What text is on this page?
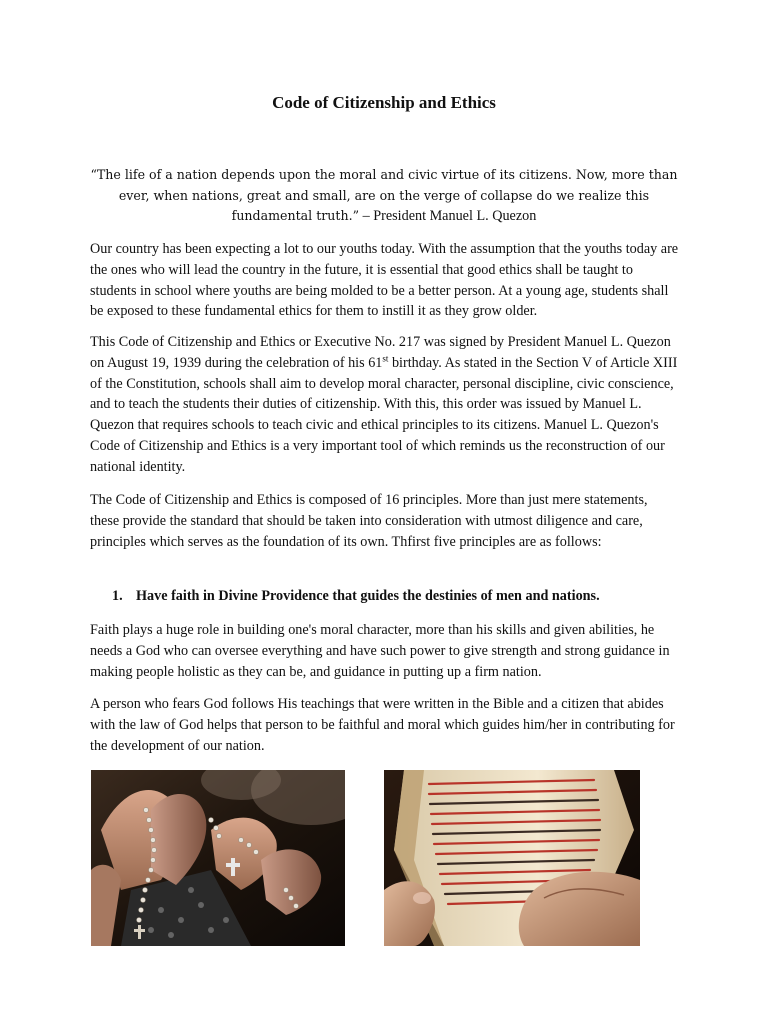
Code of Citizenship and Ethics
“The life of a nation depends upon the moral and civic virtue of its citizens. Now, more than ever, when nations, great and small, are on the verge of collapse do we realize this fundamental truth.” – President Manuel L. Quezon

Our country has been expecting a lot to our youths today. With the assumption that the youths today are the ones who will lead the country in the future, it is essential that good ethics shall be taught to students in school where youths are being molded to be a better person. At a young age, students shall be exposed to these fundamental ethics for them to instill it as they grow older.

This Code of Citizenship and Ethics or Executive No. 217 was signed by President Manuel L. Quezon on August 19, 1939 during the celebration of his 61st birthday. As stated in the Section V of Article XIII of the Constitution, schools shall aim to develop moral character, personal discipline, civic conscience, and to teach the students their duties of citizenship. With this, this order was issued by Manuel L. Quezon that requires schools to teach civic and ethical principles to its citizens. Manuel L. Quezon's Code of Citizenship and Ethics is a very important tool of which reminds us the reconstruction of our national identity.

The Code of Citizenship and Ethics is composed of 16 principles. More than just mere statements, these provide the standard that should be taken into consideration with utmost diligence and care, principles which serves as the foundation of its own. Thfirst five principles are as follows:

1. Have faith in Divine Providence that guides the destinies of men and nations.

Faith plays a huge role in building one's moral character, more than his skills and given abilities, he needs a God who can oversee everything and have such power to give strength and strong guidance in making people holistic as they can be, and guidance in putting up a firm nation.

A person who fears God follows His teachings that were written in the Bible and a citizen that abides with the law of God helps that person to be faithful and moral which guides him/her in contributing for the development of our nation.
